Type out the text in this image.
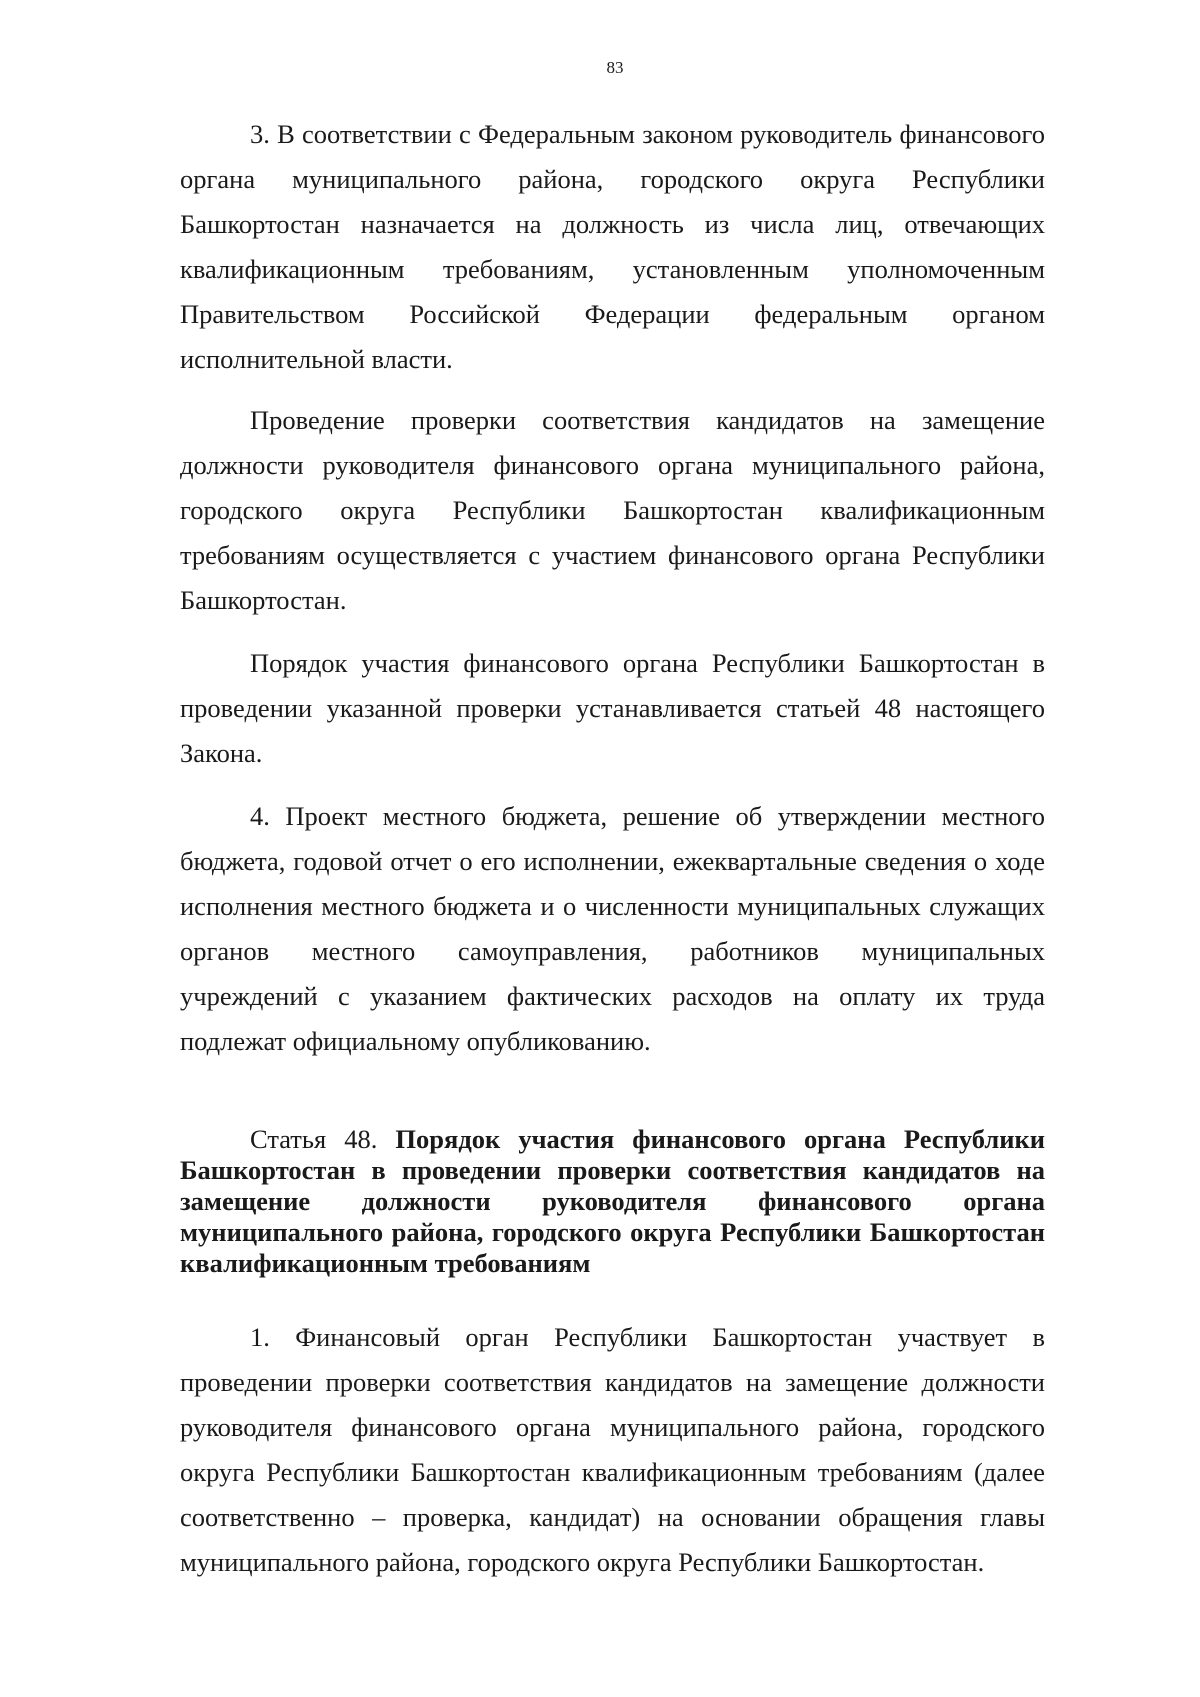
83

3. В соответствии с Федеральным законом руководитель финансового органа муниципального района, городского округа Республики Башкортостан назначается на должность из числа лиц, отвечающих квалификационным требованиям, установленным уполномоченным Правительством Российской Федерации федеральным органом исполнительной власти.

Проведение проверки соответствия кандидатов на замещение должности руководителя финансового органа муниципального района, городского округа Республики Башкортостан квалификационным требованиям осуществляется с участием финансового органа Республики Башкортостан.

Порядок участия финансового органа Республики Башкортостан в проведении указанной проверки устанавливается статьей 48 настоящего Закона.

4. Проект местного бюджета, решение об утверждении местного бюджета, годовой отчет о его исполнении, ежеквартальные сведения о ходе исполнения местного бюджета и о численности муниципальных служащих органов местного самоуправления, работников муниципальных учреждений с указанием фактических расходов на оплату их труда подлежат официальному опубликованию.

Статья 48. Порядок участия финансового органа Республики Башкортостан в проведении проверки соответствия кандидатов на замещение должности руководителя финансового органа муниципального района, городского округа Республики Башкортостан квалификационным требованиям

1. Финансовый орган Республики Башкортостан участвует в проведении проверки соответствия кандидатов на замещение должности руководителя финансового органа муниципального района, городского округа Республики Башкортостан квалификационным требованиям (далее соответственно – проверка, кандидат) на основании обращения главы муниципального района, городского округа Республики Башкортостан.
